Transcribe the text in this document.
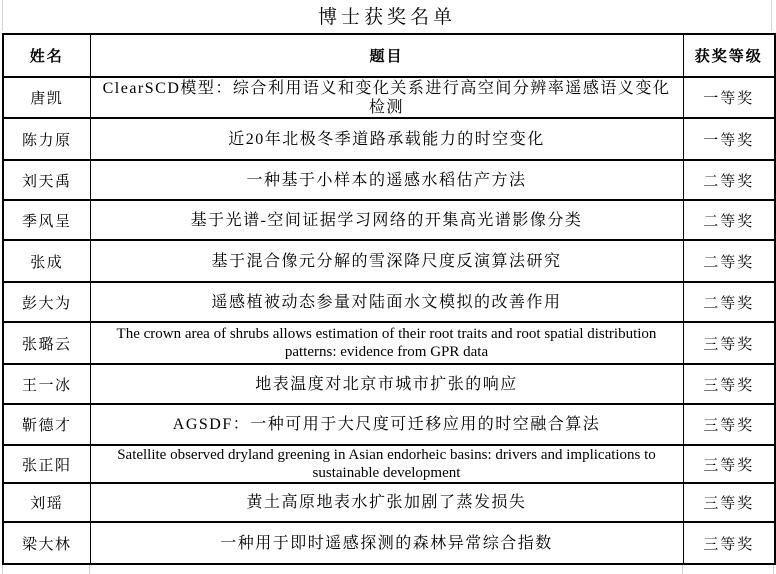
博士获奖名单
姓名	题目	获奖等级
唐凯	ClearSCD模型：综合利用语义和变化关系进行高空间分辨率遥感语义变化检测	一等奖
陈力原	近20年北极冬季道路承载能力的时空变化	一等奖
刘天禹	一种基于小样本的遥感水稻估产方法	二等奖
季风呈	基于光谱-空间证据学习网络的开集高光谱影像分类	二等奖
张成	基于混合像元分解的雪深降尺度反演算法研究	二等奖
彭大为	遥感植被动态参量对陆面水文模拟的改善作用	二等奖
张璐云	The crown area of shrubs allows estimation of their root traits and root spatial distribution patterns: evidence from GPR data	三等奖
王一冰	地表温度对北京市城市扩张的响应	三等奖
靳德才	AGSDF：一种可用于大尺度可迁移应用的时空融合算法	三等奖
张正阳	Satellite observed dryland greening in Asian endorheic basins: drivers and implications to sustainable development	三等奖
刘瑶	黄土高原地表水扩张加剧了蒸发损失	三等奖
梁大林	一种用于即时遥感探测的森林异常综合指数	三等奖
